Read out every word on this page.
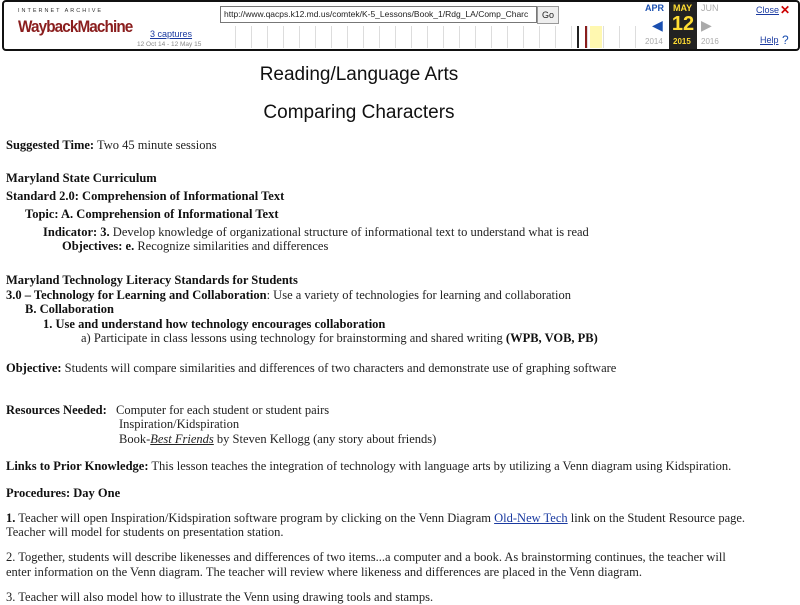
INTERNET ARCHIVE
WaybackMachine 3 captures
12 Oct 14 - 12 May 15
http://www.qacps.k12.md.us/comtek/K-5_Lessons/Book_1/Rdg_LA/Comp_Charc	Go
APR MAY JUN
◀ 12 ▶
2014 2015 2016
Close ✕
Help ?
Reading/Language Arts
Comparing Characters
Suggested Time: Two 45 minute sessions
Maryland State Curriculum
Standard 2.0: Comprehension of Informational Text
Topic: A. Comprehension of Informational Text
Indicator: 3. Develop knowledge of organizational structure of informational text to understand what is read
Objectives: e. Recognize similarities and differences
Maryland Technology Literacy Standards for Students
3.0 – Technology for Learning and Collaboration: Use a variety of technologies for learning and collaboration
B. Collaboration
1. Use and understand how technology encourages collaboration
a) Participate in class lessons using technology for brainstorming and shared writing (WPB, VOB, PB)
Objective: Students will compare similarities and differences of two characters and demonstrate use of graphing software
Resources Needed: Computer for each student or student pairs
Inspiration/Kidspiration
Book-Best Friends by Steven Kellogg (any story about friends)
Links to Prior Knowledge: This lesson teaches the integration of technology with language arts by utilizing a Venn diagram using Kidspiration.
Procedures: Day One
1. Teacher will open Inspiration/Kidspiration software program by clicking on the Venn Diagram Old-New Tech link on the Student Resource page.
Teacher will model for students on presentation station.
2. Together, students will describe likenesses and differences of two items...a computer and a book. As brainstorming continues, the teacher will
enter information on the Venn diagram. The teacher will review where likeness and differences are placed in the Venn diagram.
3. Teacher will also model how to illustrate the Venn using drawing tools and stamps.
